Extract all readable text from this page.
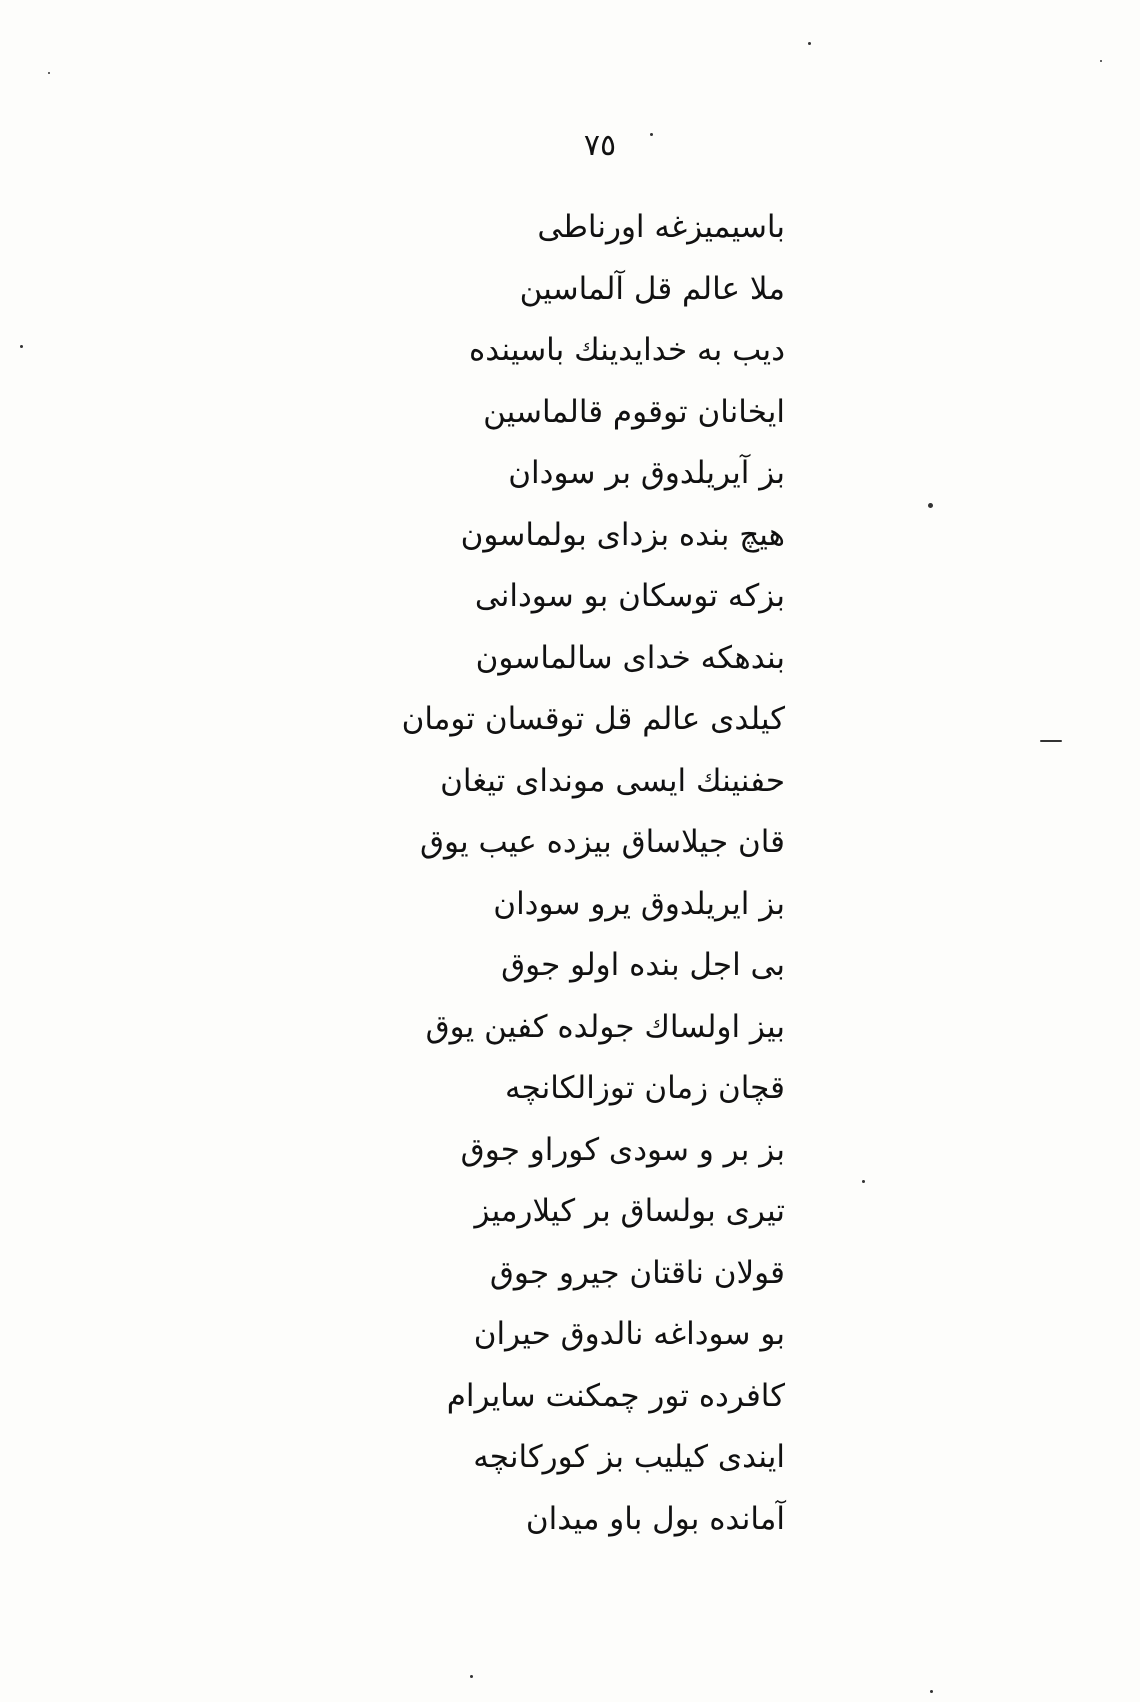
٧٥
باسیمیزغه اورناطی
ملا عالم قل آلماسین
دیب به خدایدینك باسینده
ایخانان توقوم قالماسین
بز آیریلدوق بر سودان
هیچ بنده بزدای بولماسون
بزکه توسکان بو سودانی
بندهکه خدای سالماسون
کیلدی عالم قل توقسان تومان
حفنینك ایسی موندای تیغان
قان جیلاساق بیزده عیب یوق
بز ایریلدوق یرو سودان
بی اجل بنده اولو جوق
بیز اولساك جولده کفین یوق
قچان زمان توزالکانچه
بز بر و سودی کوراو جوق
تیری بولساق بر کیلارمیز
قولان ناقتان جیرو جوق
بو سوداغه نالدوق حیران
کافرده تور چمکنت سایرام
ایندی کیلیب بز کورکانچه
آمانده بول باو میدان
